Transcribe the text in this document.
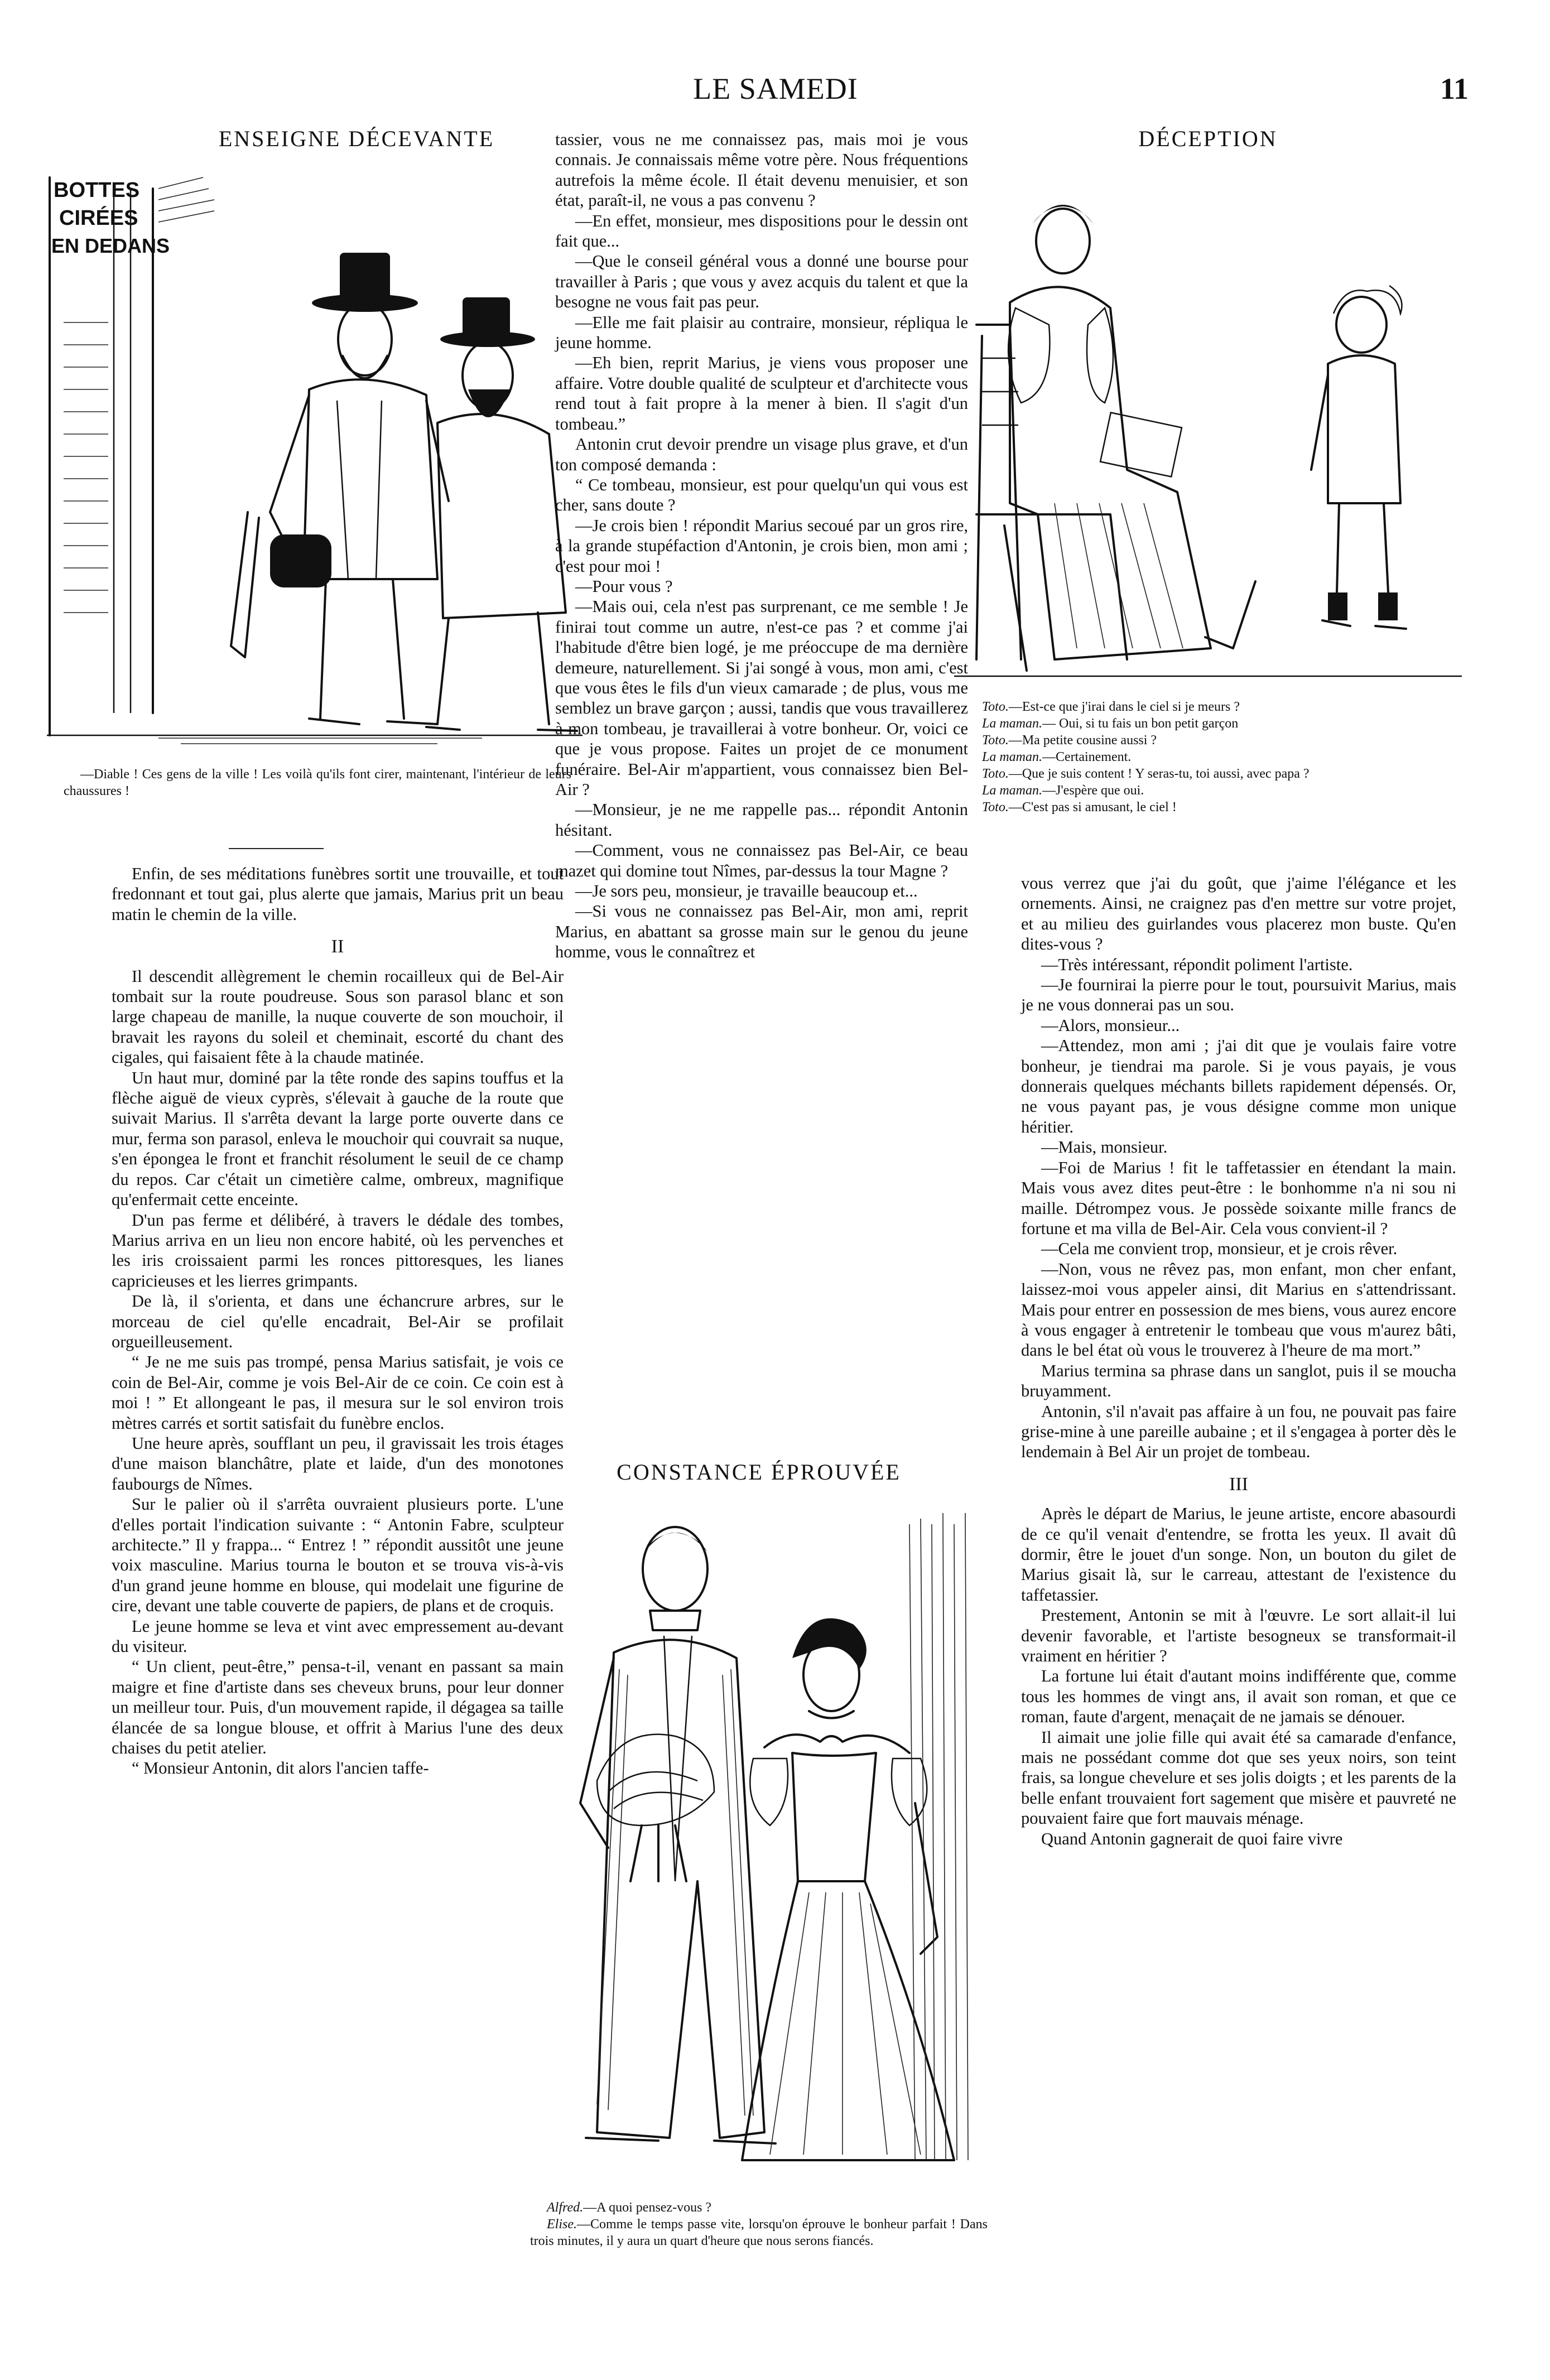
LE SAMEDI	11
ENSEIGNE DÉCEVANTE
BOTTES
CIRÉES
EN DEDANS

—Diable ! Ces gens de la ville ! Les voilà qu'ils font cirer, maintenant, l'intérieur de leurs chaussures !

Enfin, de ses méditations funèbres sortit une trouvaille, et tout fredonnant et tout gai, plus alerte que jamais, Marius prit un beau matin le chemin de la ville.

II

Il descendit allègrement le chemin rocailleux qui de Bel-Air tombait sur la route poudreuse. Sous son parasol blanc et son large chapeau de manille, la nuque couverte de son mouchoir, il bravait les rayons du soleil et cheminait, escorté du chant des cigales, qui faisaient fête à la chaude matinée.

Un haut mur, dominé par la tête ronde des sapins touffus et la flèche aiguë de vieux cyprès, s'élevait à gauche de la route que suivait Marius. Il s'arrêta devant la large porte ouverte dans ce mur, ferma son parasol, enleva le mouchoir qui couvrait sa nuque, s'en épongea le front et franchit résolument le seuil de ce champ du repos. Car c'était un cimetière calme, ombreux, magnifique qu'enfermait cette enceinte.

D'un pas ferme et délibéré, à travers le dédale des tombes, Marius arriva en un lieu non encore habité, où les pervenches et les iris croissaient parmi les ronces pittoresques, les lianes capricieuses et les lierres grimpants.

De là, il s'orienta, et dans une échancrure arbres, sur le morceau de ciel qu'elle encadrait, Bel-Air se profilait orgueilleusement.

“ Je ne me suis pas trompé, pensa Marius satisfait, je vois ce coin de Bel-Air, comme je vois Bel-Air de ce coin. Ce coin est à moi ! ” Et allongeant le pas, il mesura sur le sol environ trois mètres carrés et sortit satisfait du funèbre enclos.

Une heure après, soufflant un peu, il gravissait les trois étages d'une maison blanchâtre, plate et laide, d'un des monotones faubourgs de Nîmes.

Sur le palier où il s'arrêta ouvraient plusieurs porte. L'une d'elles portait l'indication suivante : “ Antonin Fabre, sculpteur architecte.” Il y frappa... “ Entrez ! ” répondit aussitôt une jeune voix masculine. Marius tourna le bouton et se trouva vis-à-vis d'un grand jeune homme en blouse, qui modelait une figurine de cire, devant une table couverte de papiers, de plans et de croquis.

Le jeune homme se leva et vint avec empressement au-devant du visiteur.

“ Un client, peut-être,” pensa-t-il, venant en passant sa main maigre et fine d'artiste dans ses cheveux bruns, pour leur donner un meilleur tour. Puis, d'un mouvement rapide, il dégagea sa taille élancée de sa longue blouse, et offrit à Marius l'une des deux chaises du petit atelier.

“ Monsieur Antonin, dit alors l'ancien taffe-

tassier, vous ne me connaissez pas, mais moi je vous connais. Je connaissais même votre père. Nous fréquentions autrefois la même école. Il était devenu menuisier, et son état, paraît-il, ne vous a pas convenu ?

—En effet, monsieur, mes dispositions pour le dessin ont fait que...

—Que le conseil général vous a donné une bourse pour travailler à Paris ; que vous y avez acquis du talent et que la besogne ne vous fait pas peur.

—Elle me fait plaisir au contraire, monsieur, répliqua le jeune homme.

—Eh bien, reprit Marius, je viens vous proposer une affaire. Votre double qualité de sculpteur et d'architecte vous rend tout à fait propre à la mener à bien. Il s'agit d'un tombeau.”

Antonin crut devoir prendre un visage plus grave, et d'un ton composé demanda :

“ Ce tombeau, monsieur, est pour quelqu'un qui vous est cher, sans doute ?

—Je crois bien ! répondit Marius secoué par un gros rire, à la grande stupéfaction d'Antonin, je crois bien, mon ami ; c'est pour moi !

—Pour vous ?

—Mais oui, cela n'est pas surprenant, ce me semble ! Je finirai tout comme un autre, n'est-ce pas ? et comme j'ai l'habitude d'être bien logé, je me préoccupe de ma dernière demeure, naturellement. Si j'ai songé à vous, mon ami, c'est que vous êtes le fils d'un vieux camarade ; de plus, vous me semblez un brave garçon ; aussi, tandis que vous travaillerez à mon tombeau, je travaillerai à votre bonheur. Or, voici ce que je vous propose. Faites un projet de ce monument funéraire. Bel-Air m'appartient, vous connaissez bien Bel-Air ?

—Monsieur, je ne me rappelle pas... répondit Antonin hésitant.

—Comment, vous ne connaissez pas Bel-Air, ce beau mazet qui domine tout Nîmes, par-dessus la tour Magne ?

—Je sors peu, monsieur, je travaille beaucoup et...

—Si vous ne connaissez pas Bel-Air, mon ami, reprit Marius, en abattant sa grosse main sur le genou du jeune homme, vous le connaîtrez et

CONSTANCE ÉPROUVÉE

Alfred.—A quoi pensez-vous ?

Elise.—Comme le temps passe vite, lorsqu'on éprouve le bonheur parfait ! Dans trois minutes, il y aura un quart d'heure que nous serons fiancés.

DÉCEPTION

Toto.—Est-ce que j'irai dans le ciel si je meurs ?

La maman.— Oui, si tu fais un bon petit garçon

Toto.—Ma petite cousine aussi ?

La maman.—Certainement.

Toto.—Que je suis content ! Y seras-tu, toi aussi, avec papa ?

La maman.—J'espère que oui.

Toto.—C'est pas si amusant, le ciel !

vous verrez que j'ai du goût, que j'aime l'élégance et les ornements. Ainsi, ne craignez pas d'en mettre sur votre projet, et au milieu des guirlandes vous placerez mon buste. Qu'en dites-vous ?

—Très intéressant, répondit poliment l'artiste.

—Je fournirai la pierre pour le tout, poursuivit Marius, mais je ne vous donnerai pas un sou.

—Alors, monsieur...

—Attendez, mon ami ; j'ai dit que je voulais faire votre bonheur, je tiendrai ma parole. Si je vous payais, je vous donnerais quelques méchants billets rapidement dépensés. Or, ne vous payant pas, je vous désigne comme mon unique héritier.

—Mais, monsieur.

—Foi de Marius ! fit le taffetassier en étendant la main. Mais vous avez dites peut-être : le bonhomme n'a ni sou ni maille. Détrompez vous. Je possède soixante mille francs de fortune et ma villa de Bel-Air. Cela vous convient-il ?

—Cela me convient trop, monsieur, et je crois rêver.

—Non, vous ne rêvez pas, mon enfant, mon cher enfant, laissez-moi vous appeler ainsi, dit Marius en s'attendrissant. Mais pour entrer en possession de mes biens, vous aurez encore à vous engager à entretenir le tombeau que vous m'aurez bâti, dans le bel état où vous le trouverez à l'heure de ma mort.”

Marius termina sa phrase dans un sanglot, puis il se moucha bruyamment.

Antonin, s'il n'avait pas affaire à un fou, ne pouvait pas faire grise-mine à une pareille aubaine ; et il s'engagea à porter dès le lendemain à Bel Air un projet de tombeau.

III

Après le départ de Marius, le jeune artiste, encore abasourdi de ce qu'il venait d'entendre, se frotta les yeux. Il avait dû dormir, être le jouet d'un songe. Non, un bouton du gilet de Marius gisait là, sur le carreau, attestant de l'existence du taffetassier.

Prestement, Antonin se mit à l'œuvre. Le sort allait-il lui devenir favorable, et l'artiste besogneux se transformait-il vraiment en héritier ?

La fortune lui était d'autant moins indifférente que, comme tous les hommes de vingt ans, il avait son roman, et que ce roman, faute d'argent, menaçait de ne jamais se dénouer.

Il aimait une jolie fille qui avait été sa camarade d'enfance, mais ne possédant comme dot que ses yeux noirs, son teint frais, sa longue chevelure et ses jolis doigts ; et les parents de la belle enfant trouvaient fort sagement que misère et pauvreté ne pouvaient faire que fort mauvais ménage.

Quand Antonin gagnerait de quoi faire vivre
